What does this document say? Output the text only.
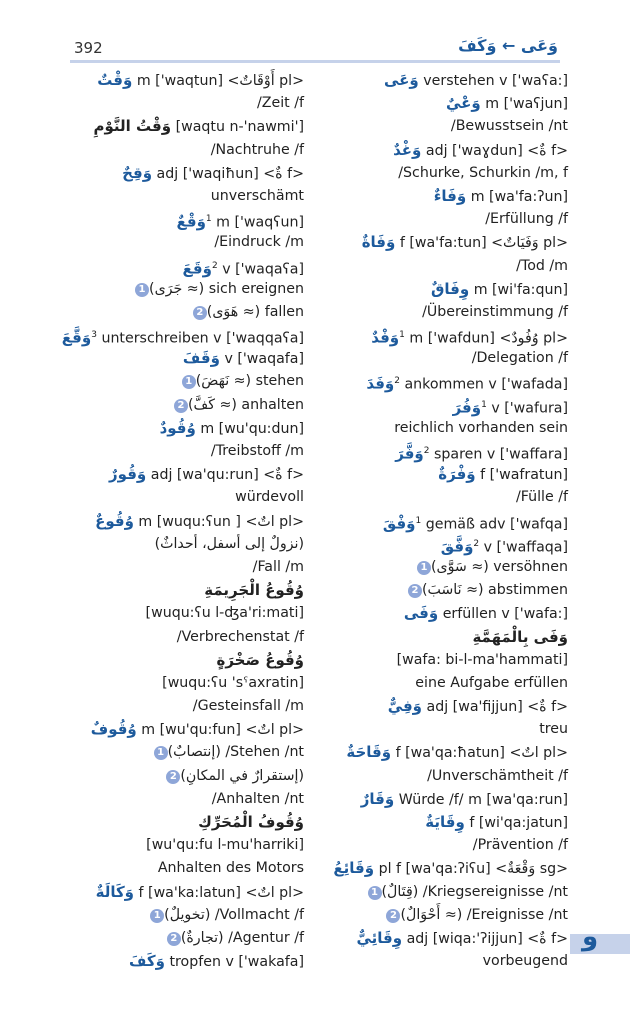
392	وَعَى ← وَكَفَ
وَقْتٌ <pl أَوْقَاتٌ> m ['waqtun]
Zeit /f/
وَقْتُ النَّوْمِ ['waqtu n-'nawmi]
Nachtruhe /f/
وَقِحٌ <f ةٌ> adj ['waqiħun]
unverschämt
وَقْعٌ$^1$ m ['waqʕun]
Eindruck /m/
وَقَعَ$^2$ v ['waqaʕa]
1 sich ereignen (≈ جَرَى)
2 fallen (≈ هَوَى)
وَقَّعَ$^3$ unterschreiben v ['waqqaʕa]
وَقَفَ v ['waqafa]
1 stehen (≈ نَهَضَ)
2 anhalten (≈ كَفَّ)
وُقُودٌ m [wu'qu:dun]
Treibstoff /m/
وَقُورٌ <f ةٌ> adj [wa'qu:run]
würdevoll
وُقُوعٌ <pl اتٌ> m [wuqu:ʕun ]
(نزولٌ إلى أسفل، أحداثٌ)
Fall /m/
وُقُوعُ الْجَرِيمَةِ
[wuqu:ʕu l-ʤa'ri:mati]
Verbrechenstat /f/
وُقُوعُ صَخْرَةٍ
[wuqu:ʕu 'sˤaxratin]
Gesteinsfall /m/
وُقُوفٌ <pl اتٌ> m [wu'qu:fun]
1 Stehen /nt/ (إنتصابٌ)
2 (إستقرارٌ في المكانِ)
Anhalten /nt/
وُقُوفُ الْمُحَرِّكِ
[wu'qu:fu l-mu'harriki]
Anhalten des Motors
وَكَالَةٌ <pl اتٌ> f [wa'ka:latun]
1 Vollmacht /f/ (تخويلٌ)
2 Agentur /f/ (تجارةٌ)
وَكَفَ tropfen v ['wakafa]
وَعَى verstehen v ['waʕa:]
وَعْيٌ m ['waʕjun]
Bewusstsein /nt/
وَغْدٌ <f ةٌ> adj ['waɣdun]
Schurke, Schurkin /m, f/
وَفَاءٌ m [wa'fa:ʔun]
Erfüllung /f/
وَفَاةٌ <pl وَفَيَاتٌ> f [wa'fa:tun]
Tod /m/
وِفَاقٌ m [wi'fa:qun]
Übereinstimmung /f/
وَفْدٌ$^1$ <pl وُفُودٌ> m ['wafdun]
Delegation /f/
وَفَدَ$^2$ ankommen v ['wafada]
وَفُرَ$^1$ v ['wafura]
reichlich vorhanden sein
وَفَّرَ$^2$ sparen v ['waffara]
وَفْرَةٌ f ['wafratun]
Fülle /f/
وَفْقَ$^1$ gemäß adv ['wafqa]
وَفَّقَ$^2$ v ['waffaqa]
1 versöhnen (≈ سَوَّى)
2 abstimmen (≈ نَاسَبَ)
وَفَى erfüllen v ['wafa:]
وَفَى بِالْمَهَمَّةِ
[wafa: bi-l-ma'hammati]
eine Aufgabe erfüllen
وَفِيٌّ <f ةٌ> adj [wa'fijjun]
treu
وَقَاحَةٌ <pl اتٌ> f [wa'qa:ħatun]
Unverschämtheit /f/
وَقَارٌ Würde /f/ m [wa'qa:run]
وِقَايَةٌ f [wi'qa:jatun]
Prävention /f/
وَقَائِعُ <sg وَقْعَةٌ> pl f [wa'qa:ʔiʕu]
1 Kriegsereignisse /nt/ (قِتَالٌ)
2 Ereignisse /nt/ (≈ أَحْوَالٌ)
وِقَائِيٌّ <f ةٌ> adj [wiqa:'ʔijjun]
vorbeugend
و
